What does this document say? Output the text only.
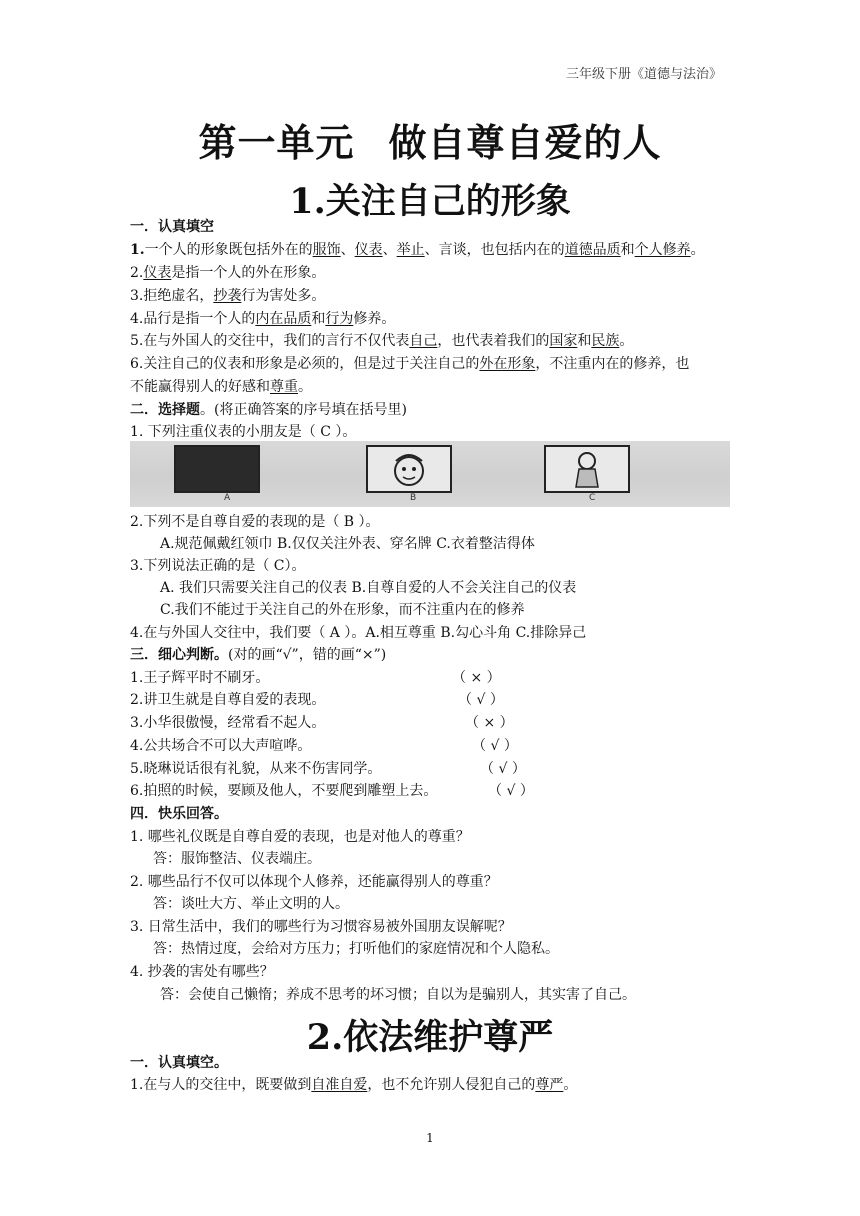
三年级下册《道德与法治》
第一单元 做自尊自爱的人
1.关注自己的形象
一．认真填空
1.一个人的形象既包括外在的服饰、仪表、举止、言谈，也包括内在的道德品质和个人修养。
2.仪表是指一个人的外在形象。
3.拒绝虚名，抄袭行为害处多。
4.品行是指一个人的内在品质和行为修养。
5.在与外国人的交往中，我们的言行不仅代表自己，也代表着我们的国家和民族。
6.关注自己的仪表和形象是必须的，但是过于关注自己的外在形象，不注重内在的修养，也
不能赢得别人的好感和尊重。
二．选择题。(将正确答案的序号填在括号里)
1. 下列注重仪表的小朋友是（ C ）。
A	B	C
2.下列不是自尊自爱的表现的是（ B ）。
A.规范佩戴红领巾 B.仅仅关注外表、穿名牌 C.衣着整洁得体
3.下列说法正确的是（ C）。
A. 我们只需要关注自己的仪表 B.自尊自爱的人不会关注自己的仪表
C.我们不能过于关注自己的外在形象，而不注重内在的修养
4.在与外国人交往中，我们要（ A ）。A.相互尊重 B.勾心斗角 C.排除异己
三．细心判断。(对的画“√”，错的画“×”)
1.王子辉平时不刷牙。	（ × ）
2.讲卫生就是自尊自爱的表现。	（ √ ）
3.小华很傲慢，经常看不起人。	（ × ）
4.公共场合不可以大声喧哗。	（ √ ）
5.晓琳说话很有礼貌，从来不伤害同学。	（ √ ）
6.拍照的时候，要顾及他人，不要爬到雕塑上去。	（ √ ）
四．快乐回答。
1. 哪些礼仪既是自尊自爱的表现，也是对他人的尊重？
答：服饰整洁、仪表端庄。
2. 哪些品行不仅可以体现个人修养，还能赢得别人的尊重？
答：谈吐大方、举止文明的人。
3. 日常生活中，我们的哪些行为习惯容易被外国朋友误解呢？
答：热情过度，会给对方压力；打听他们的家庭情况和个人隐私。
4. 抄袭的害处有哪些？
答：会使自己懒惰；养成不思考的坏习惯；自以为是骗别人，其实害了自己。
2.依法维护尊严
一．认真填空。
1.在与人的交往中，既要做到自准自爱，也不允许别人侵犯自己的尊严。
1
